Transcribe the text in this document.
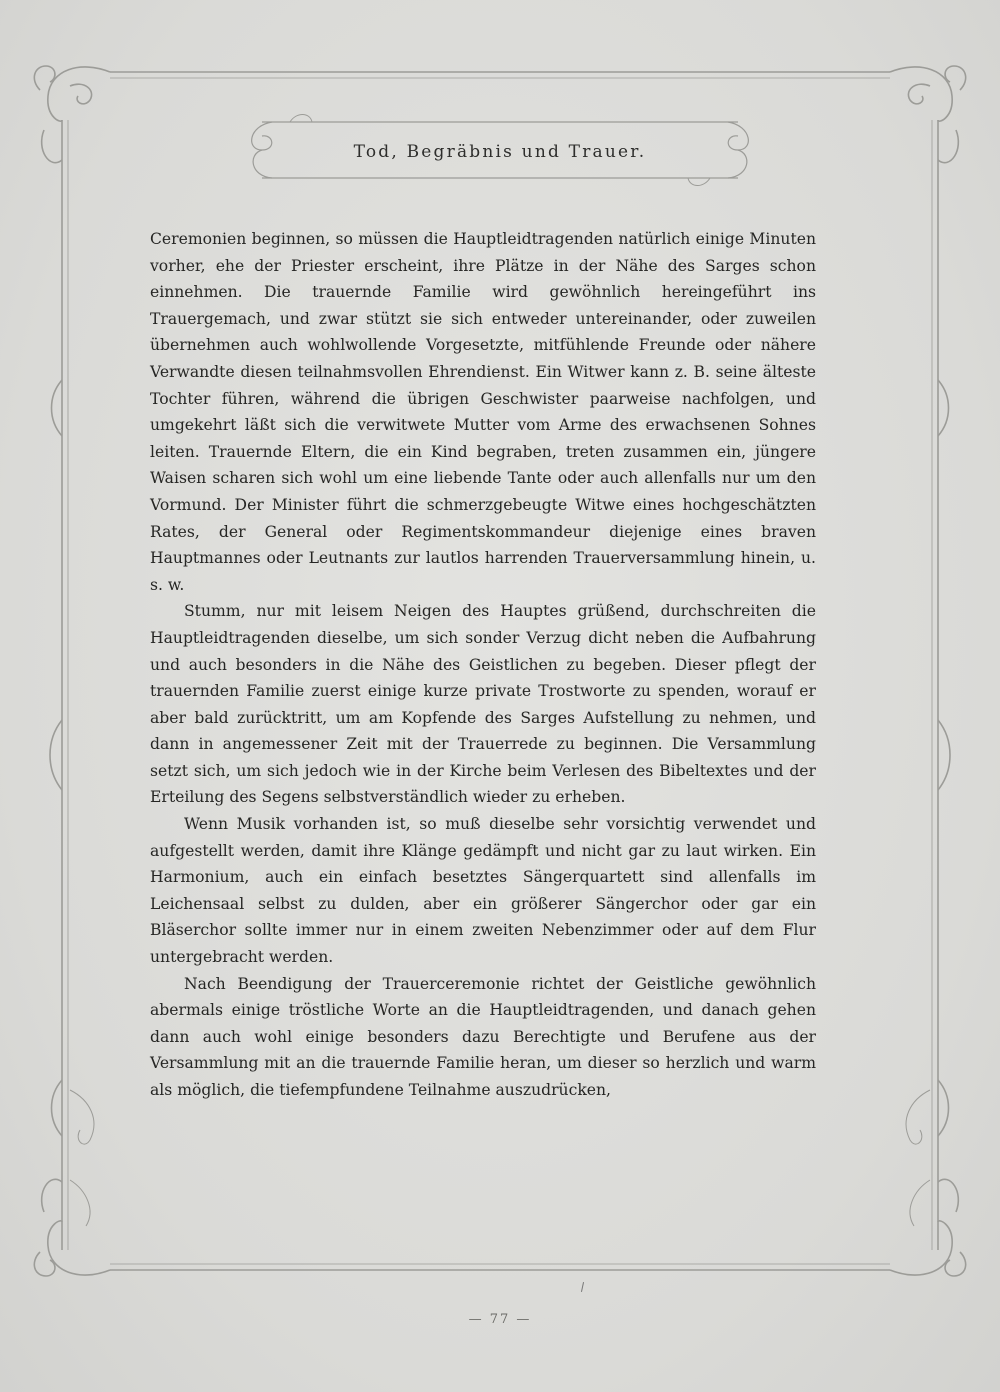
Tod, Begräbnis und Trauer.

Ceremonien beginnen, so müssen die Hauptleidtragenden natürlich einige Minuten vorher, ehe der Priester erscheint, ihre Plätze in der Nähe des Sarges schon einnehmen. Die trauernde Familie wird gewöhnlich hereingeführt ins Trauergemach, und zwar stützt sie sich entweder untereinander, oder zuweilen übernehmen auch wohlwollende Vorgesetzte, mitfühlende Freunde oder nähere Verwandte diesen teilnahmsvollen Ehrendienst. Ein Witwer kann z. B. seine älteste Tochter führen, während die übrigen Geschwister paarweise nachfolgen, und umgekehrt läßt sich die verwitwete Mutter vom Arme des erwachsenen Sohnes leiten. Trauernde Eltern, die ein Kind begraben, treten zusammen ein, jüngere Waisen scharen sich wohl um eine liebende Tante oder auch allenfalls nur um den Vormund. Der Minister führt die schmerzgebeugte Witwe eines hochgeschätzten Rates, der General oder Regimentskommandeur diejenige eines braven Hauptmannes oder Leutnants zur lautlos harrenden Trauerversammlung hinein, u. s. w.

Stumm, nur mit leisem Neigen des Hauptes grüßend, durchschreiten die Hauptleidtragenden dieselbe, um sich sonder Verzug dicht neben die Aufbahrung und auch besonders in die Nähe des Geistlichen zu begeben. Dieser pflegt der trauernden Familie zuerst einige kurze private Trostworte zu spenden, worauf er aber bald zurücktritt, um am Kopfende des Sarges Aufstellung zu nehmen, und dann in angemessener Zeit mit der Trauerrede zu beginnen. Die Versammlung setzt sich, um sich jedoch wie in der Kirche beim Verlesen des Bibeltextes und der Erteilung des Segens selbstverständlich wieder zu erheben.

Wenn Musik vorhanden ist, so muß dieselbe sehr vorsichtig verwendet und aufgestellt werden, damit ihre Klänge gedämpft und nicht gar zu laut wirken. Ein Harmonium, auch ein einfach besetztes Sängerquartett sind allenfalls im Leichensaal selbst zu dulden, aber ein größerer Sängerchor oder gar ein Bläserchor sollte immer nur in einem zweiten Nebenzimmer oder auf dem Flur untergebracht werden.

Nach Beendigung der Trauerceremonie richtet der Geistliche gewöhnlich abermals einige tröstliche Worte an die Hauptleidtragenden, und danach gehen dann auch wohl einige besonders dazu Berechtigte und Berufene aus der Versammlung mit an die trauernde Familie heran, um dieser so herzlich und warm als möglich, die tiefempfundene Teilnahme auszudrücken,

— 77 —
